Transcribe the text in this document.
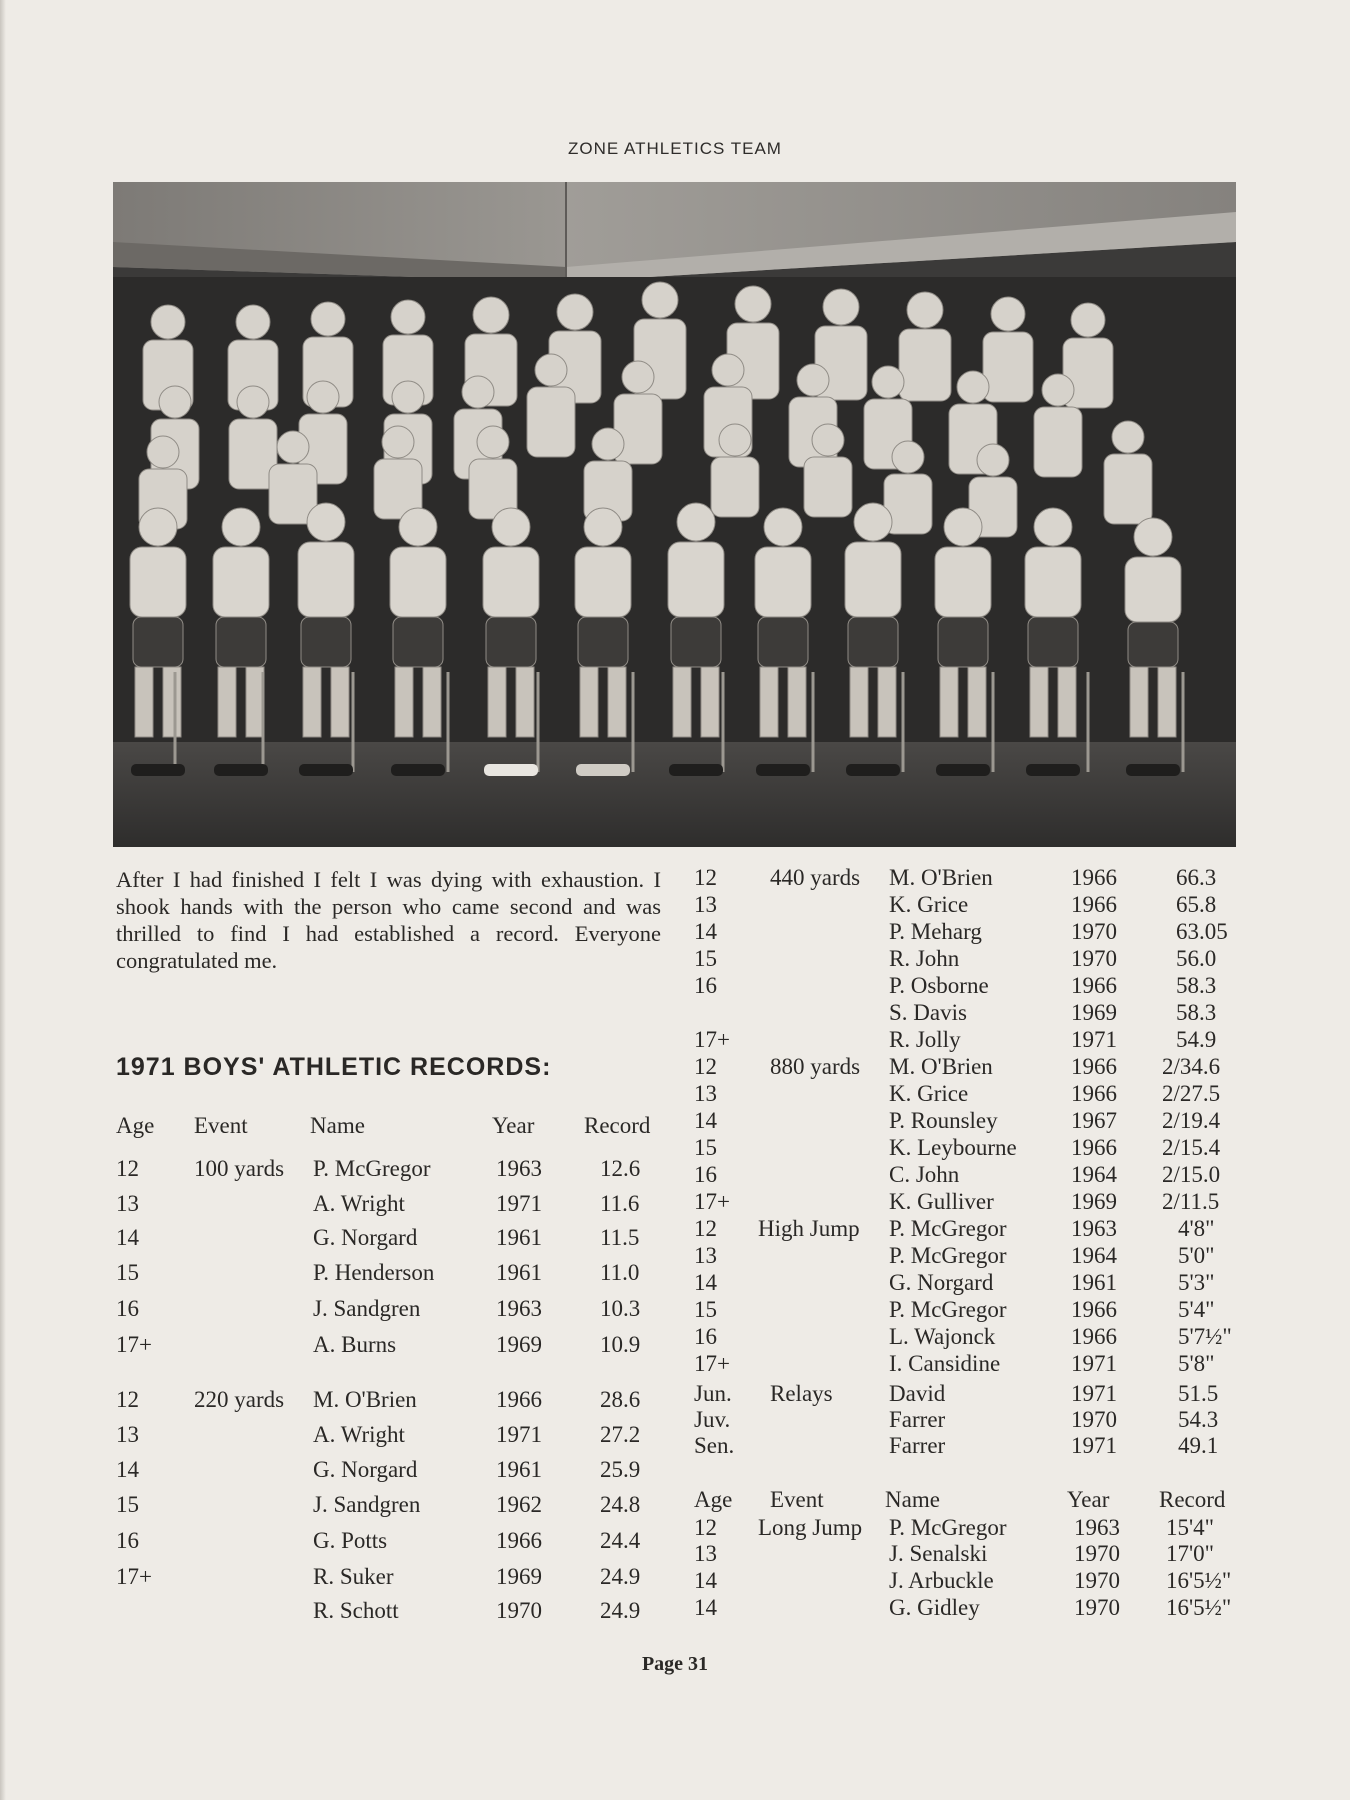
ZONE ATHLETICS TEAM
After I had finished I felt I was dying with exhaustion. I shook hands with the person who came second and was thrilled to find I had established a record. Everyone congratulated me.
1971 BOYS' ATHLETIC RECORDS:
Age Event	Name	Year Record
12 100 yards P. McGregor	1963	12.6
13	A. Wright	1971	11.6
14	G. Norgard	1961	11.5
15	P. Henderson	1961	11.0
16	J. Sandgren	1963	10.3
17+	A. Burns	1969	10.9
12 220 yards M. O'Brien	1966	28.6
13	A. Wright	1971	27.2
14	G. Norgard	1961	25.9
15	J. Sandgren	1962	24.8
16	G. Potts	1966	24.4
17+	R. Suker	1969	24.9
R. Schott	1970	24.9
12 440 yards M. O'Brien	1966	66.3
13	K. Grice	1966	65.8
14	P. Meharg	1970	63.05
15	R. John	1970	56.0
16	P. Osborne	1966	58.3
S. Davis	1969	58.3
17+	R. Jolly	1971	54.9
12 880 yards M. O'Brien	1966 2/34.6
13	K. Grice	1966 2/27.5
14	P. Rounsley	1967 2/19.4
15	K. Leybourne 1966 2/15.4
16	C. John	1964 2/15.0
17+	K. Gulliver	1969 2/11.5
12 High Jump P. McGregor	1963	4'8"
13	P. McGregor	1964	5'0"
14	G. Norgard	1961	5'3"
15	P. McGregor	1966	5'4"
16	L. Wajonck	1966	5'7½"
17+	I. Cansidine	1971	5'8"
Jun. Relays David	1971	51.5
Juv.	Farrer	1970	54.3
Sen.	Farrer	1971	49.1
Age Event	Name	Year Record
12 Long Jump P. McGregor	1963 15'4"
13	J. Senalski	1970 17'0"
14	J. Arbuckle	1970 16'5½"
14	G. Gidley	1970 16'5½"
Page 31
